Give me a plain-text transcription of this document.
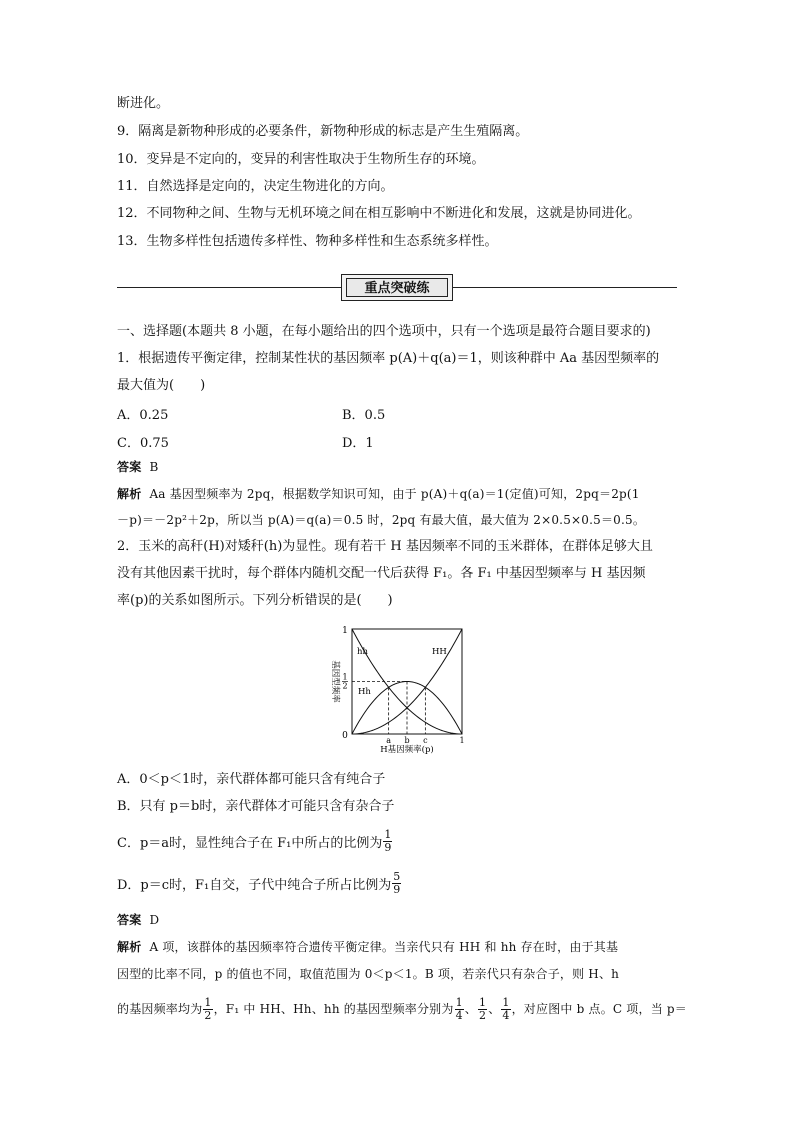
断进化。
9．隔离是新物种形成的必要条件，新物种形成的标志是产生生殖隔离。
10．变异是不定向的，变异的利害性取决于生物所生存的环境。
11．自然选择是定向的，决定生物进化的方向。
12．不同物种之间、生物与无机环境之间在相互影响中不断进化和发展，这就是协同进化。
13．生物多样性包括遗传多样性、物种多样性和生态系统多样性。
重点突破练
一、选择题(本题共 8 小题，在每小题给出的四个选项中，只有一个选项是最符合题目要求的)
1．根据遗传平衡定律，控制某性状的基因频率 p(A)＋q(a)＝1，则该种群中 Aa 基因型频率的
最大值为(　　)
A．0.25	B．0.5
C．0.75	D．1
答案 B
解析 Aa 基因型频率为 2pq，根据数学知识可知，由于 p(A)＋q(a)＝1(定值)可知，2pq＝2p(1
－p)＝－2p²＋2p，所以当 p(A)＝q(a)＝0.5 时，2pq 有最大值，最大值为 2×0.5×0.5＝0.5。
2．玉米的高秆(H)对矮秆(h)为显性。现有若干 H 基因频率不同的玉米群体，在群体足够大且
没有其他因素干扰时，每个群体内随机交配一代后获得 F₁。各 F₁ 中基因型频率与 H 基因频
率(p)的关系如图所示。下列分析错误的是(　　)
1
1
2
0	a b c	1
H基因频率(p)
基因型频率
hh	HH
Hh
A．0＜p＜1时，亲代群体都可能只含有纯合子
B．只有 p＝b时，亲代群体才可能只含有杂合子
C．p＝a时，显性纯合子在 F₁中所占的比例为 $\frac{1}{9}$
D．p＝c时，F₁自交，子代中纯合子所占比例为 $\frac{5}{9}$
答案 D
解析 A 项，该群体的基因频率符合遗传平衡定律。当亲代只有 HH 和 hh 存在时，由于其基
因型的比率不同，p 的值也不同，取值范围为 0＜p＜1。B 项，若亲代只有杂合子，则 H、h
的基因频率均为 $\frac{1}{2}$ ，F₁ 中 HH、Hh、hh 的基因型频率分别为 $\frac{1}{4}$ 、 $\frac{1}{2}$ 、 $\frac{1}{4}$ ，对应图中 b 点。C 项，当 p＝
